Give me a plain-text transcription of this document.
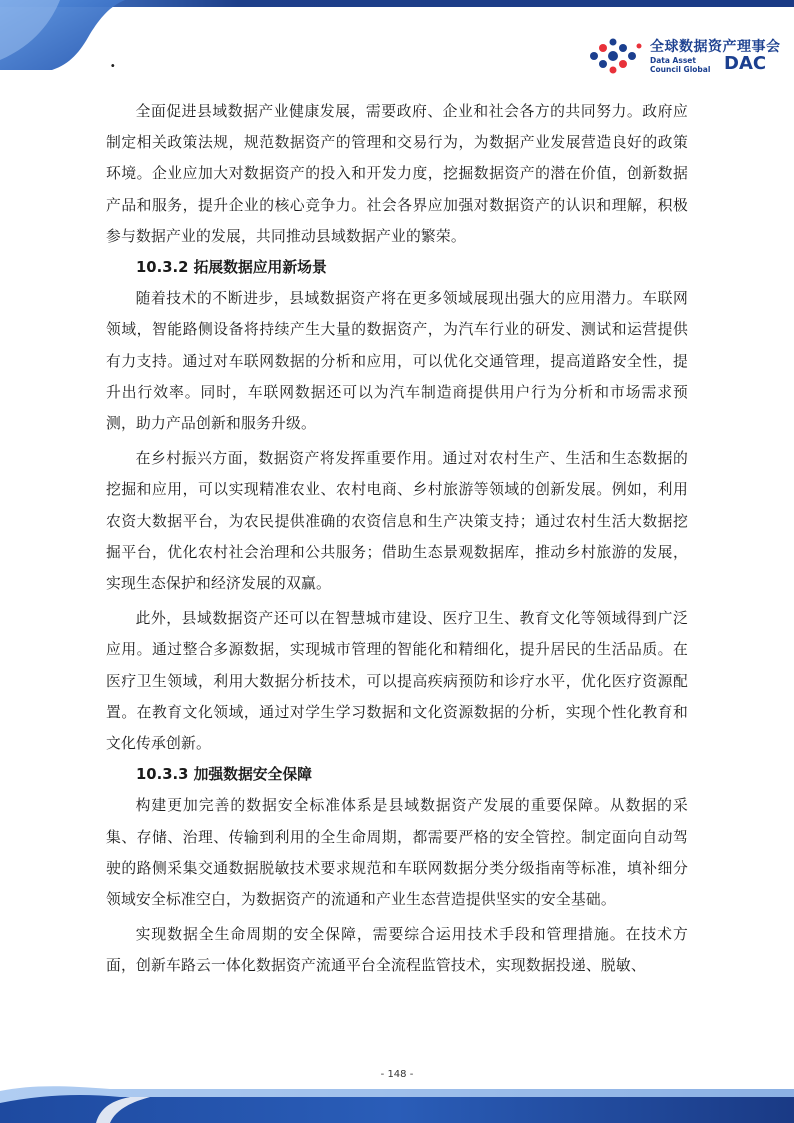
·
全球数据资产理事会
Data Asset
Council Global DAC

全面促进县域数据产业健康发展，需要政府、企业和社会各方的共同努力。政府应制定相关政策法规，规范数据资产的管理和交易行为，为数据产业发展营造良好的政策环境。企业应加大对数据资产的投入和开发力度，挖掘数据资产的潜在价值，创新数据产品和服务，提升企业的核心竞争力。社会各界应加强对数据资产的认识和理解，积极参与数据产业的发展，共同推动县域数据产业的繁荣。

10.3.2 拓展数据应用新场景

随着技术的不断进步，县域数据资产将在更多领域展现出强大的应用潜力。车联网领域，智能路侧设备将持续产生大量的数据资产，为汽车行业的研发、测试和运营提供有力支持。通过对车联网数据的分析和应用，可以优化交通管理，提高道路安全性，提升出行效率。同时，车联网数据还可以为汽车制造商提供用户行为分析和市场需求预测，助力产品创新和服务升级。

在乡村振兴方面，数据资产将发挥重要作用。通过对农村生产、生活和生态数据的挖掘和应用，可以实现精准农业、农村电商、乡村旅游等领域的创新发展。例如，利用农资大数据平台，为农民提供准确的农资信息和生产决策支持；通过农村生活大数据挖掘平台，优化农村社会治理和公共服务；借助生态景观数据库，推动乡村旅游的发展，实现生态保护和经济发展的双赢。

此外，县域数据资产还可以在智慧城市建设、医疗卫生、教育文化等领域得到广泛应用。通过整合多源数据，实现城市管理的智能化和精细化，提升居民的生活品质。在医疗卫生领域，利用大数据分析技术，可以提高疾病预防和诊疗水平，优化医疗资源配置。在教育文化领域，通过对学生学习数据和文化资源数据的分析，实现个性化教育和文化传承创新。

10.3.3 加强数据安全保障

构建更加完善的数据安全标准体系是县域数据资产发展的重要保障。从数据的采集、存储、治理、传输到利用的全生命周期，都需要严格的安全管控。制定面向自动驾驶的路侧采集交通数据脱敏技术要求规范和车联网数据分类分级指南等标准，填补细分领域安全标准空白，为数据资产的流通和产业生态营造提供坚实的安全基础。

实现数据全生命周期的安全保障，需要综合运用技术手段和管理措施。在技术方面，创新车路云一体化数据资产流通平台全流程监管技术，实现数据投递、脱敏、

- 148 -
